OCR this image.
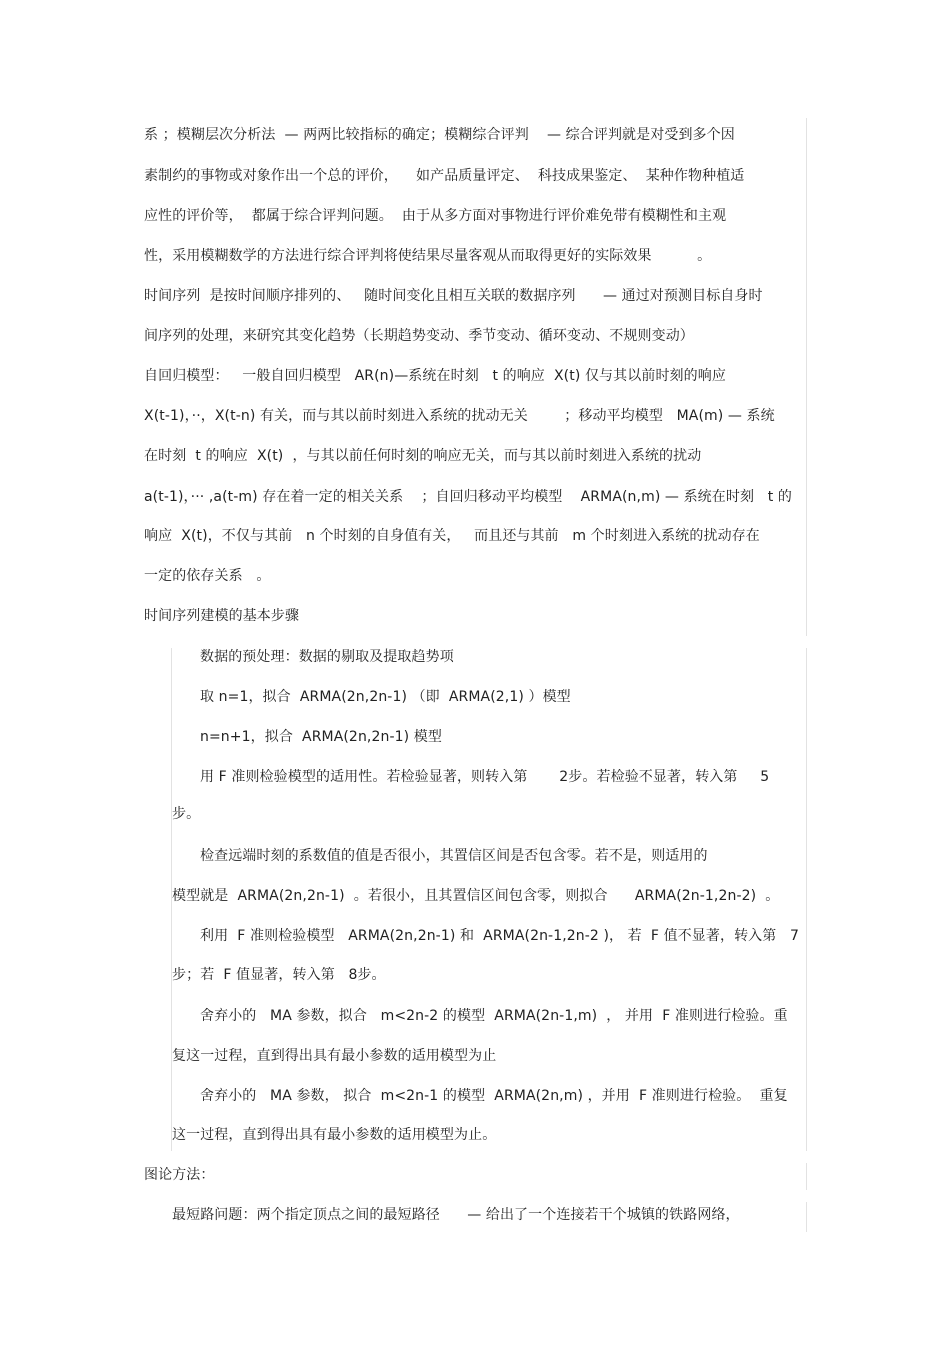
系 ；模糊层次分析法  — 两两比较指标的确定；模糊综合评判    — 综合评判就是对受到多个因
素制约的事物或对象作出一个总的评价，    如产品质量评定、  科技成果鉴定、  某种作物种植适
应性的评价等，  都属于综合评判问题。  由于从多方面对事物进行评价难免带有模糊性和主观
性，采用模糊数学的方法进行综合评判将使结果尽量客观从而取得更好的实际效果          。
时间序列  是按时间顺序排列的、   随时间变化且相互关联的数据序列      — 通过对预测目标自身时
间序列的处理，来研究其变化趋势（长期趋势变动、季节变动、循环变动、不规则变动）
自回归模型：   一般自回归模型   AR(n)—系统在时刻   t 的响应  X(t) 仅与其以前时刻的响应
X(t-1)，··，X(t-n) 有关，而与其以前时刻进入系统的扰动无关        ；移动平均模型   MA(m) — 系统
在时刻  t 的响应  X(t)  ，与其以前任何时刻的响应无关，而与其以前时刻进入系统的扰动
a(t-1)，··· ,a(t-m) 存在着一定的相关关系    ；自回归移动平均模型    ARMA(n,m) — 系统在时刻   t 的
响应  X(t)，不仅与其前   n 个时刻的自身值有关，   而且还与其前   m 个时刻进入系统的扰动存在
一定的依存关系   。
时间序列建模的基本步骤
数据的预处理：数据的剔取及提取趋势项
取 n=1，拟合  ARMA(2n,2n-1) （即  ARMA(2,1) ）模型
n=n+1，拟合  ARMA(2n,2n-1) 模型
用 F 准则检验模型的适用性。若检验显著，则转入第       2步。若检验不显著，转入第     5
步。
检查远端时刻的系数值的值是否很小，其置信区间是否包含零。若不是，则适用的
模型就是  ARMA(2n,2n-1)  。若很小，且其置信区间包含零，则拟合      ARMA(2n-1,2n-2)  。
利用  F 准则检验模型   ARMA(2n,2n-1) 和  ARMA(2n-1,2n-2 )， 若  F 值不显著，转入第   7
步；若  F 值显著，转入第   8步。
舍弃小的   MA 参数，拟合   m<2n-2 的模型  ARMA(2n-1,m)  ， 并用  F 准则进行检验。重
复这一过程，直到得出具有最小参数的适用模型为止
舍弃小的   MA 参数， 拟合  m<2n-1 的模型  ARMA(2n,m) ，并用  F 准则进行检验。  重复
这一过程，直到得出具有最小参数的适用模型为止。
图论方法：
最短路问题：两个指定顶点之间的最短路径      — 给出了一个连接若干个城镇的铁路网络，
